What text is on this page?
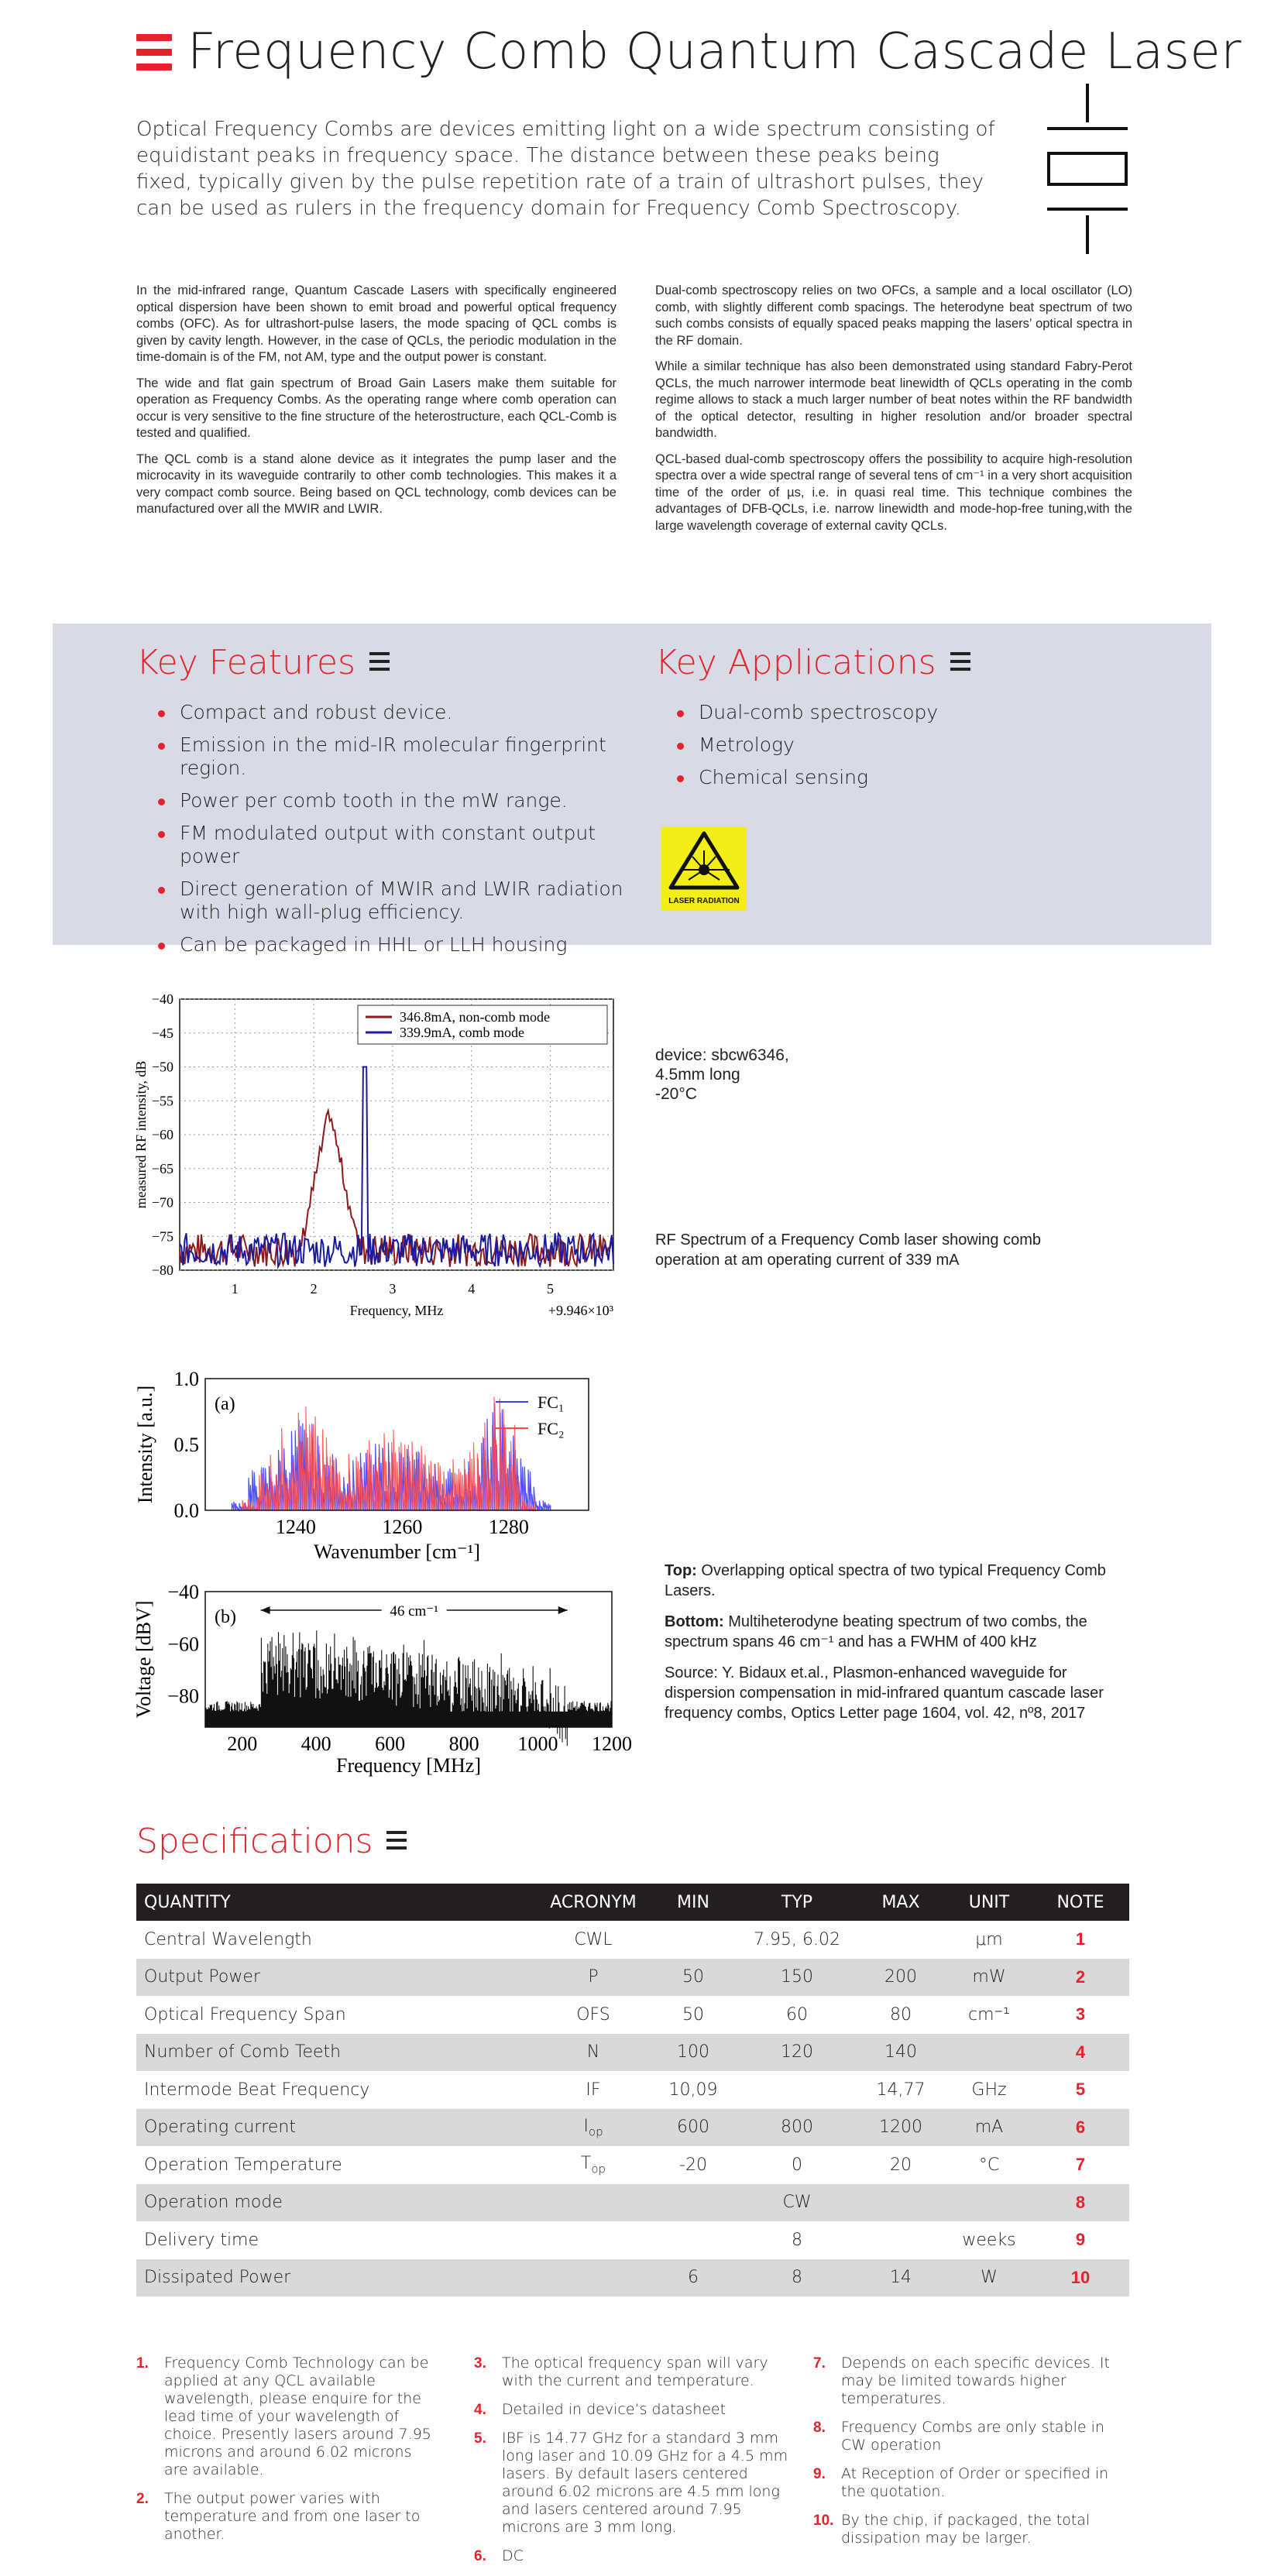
Frequency Comb Quantum Cascade Laser
Optical Frequency Combs are devices emitting light on a wide spectrum consisting of equidistant peaks in frequency space. The distance between these peaks being fixed, typically given by the pulse repetition rate of a train of ultrashort pulses, they can be used as rulers in the frequency domain for Frequency Comb Spectroscopy.

In the mid-infrared range, Quantum Cascade Lasers with specifically engineered optical dispersion have been shown to emit broad and powerful optical frequency combs (OFC). As for ultrashort-pulse lasers, the mode spacing of QCL combs is given by cavity length. However, in the case of QCLs, the periodic modulation in the time-domain is of the FM, not AM, type and the output power is constant.

The wide and flat gain spectrum of Broad Gain Lasers make them suitable for operation as Frequency Combs. As the operating range where comb operation can occur is very sensitive to the fine structure of the heterostructure, each QCL-Comb is tested and qualified.

The QCL comb is a stand alone device as it integrates the pump laser and the microcavity in its waveguide contrarily to other comb technologies. This makes it a very compact comb source. Being based on QCL technology, comb devices can be manufactured over all the MWIR and LWIR.

Dual-comb spectroscopy relies on two OFCs, a sample and a local oscillator (LO) comb, with slightly different comb spacings. The heterodyne beat spectrum of two such combs consists of equally spaced peaks mapping the lasers’ optical spectra in the RF domain.

While a similar technique has also been demonstrated using standard Fabry-Perot QCLs, the much narrower intermode beat linewidth of QCLs operating in the comb regime allows to stack a much larger number of beat notes within the RF bandwidth of the optical detector, resulting in higher resolution and/or broader spectral bandwidth.

QCL-based dual-comb spectroscopy offers the possibility to acquire high-resolution spectra over a wide spectral range of several tens of cm⁻¹ in a very short acquisition time of the order of µs, i.e. in quasi real time. This technique combines the advantages of DFB-QCLs, i.e. narrow linewidth and mode-hop-free tuning,with the large wavelength coverage of external cavity QCLs.

Key Features
Compact and robust device.
Emission in the mid-IR molecular fingerprint region.
Power per comb tooth in the mW range.
FM modulated output with constant output power
Direct generation of MWIR and LWIR radiation with high wall-plug efficiency.
Can be packaged in HHL or LLH housing
Key Applications
Dual-comb spectroscopy
Metrology
Chemical sensing
LASER RADIATION
−40
−45
−50
−55
−60
−65
−70
−75
−80
1	2	3	4	5
Frequency, MHz	+9.946×10³
measured RF intensity, dB
346.8mA, non-comb mode
339.9mA, comb mode
device: sbcw6346,
4.5mm long
-20°C
RF Spectrum of a Frequency Comb laser showing comb operation at am operating current of 339 mA
0.0
0.5
1.0
1240	1260	1280
Wavenumber [cm⁻¹]
Intensity [a.u.]	(a)	FC₁
FC₂
−40
−60
−80
200 400 600 800 1000 1200
Frequency [MHz]
Voltage [dBV]	(b)	46 cm⁻¹

Top: Overlapping optical spectra of two typical Frequency Comb Lasers.

Bottom: Multiheterodyne beating spectrum of two combs, the spectrum spans 46 cm⁻¹ and has a FWHM of 400 kHz

Source: Y. Bidaux et.al., Plasmon-enhanced waveguide for dispersion compensation in mid-infrared quantum cascade laser frequency combs, Optics Letter page 1604, vol. 42, nº8, 2017

Specifications
QUANTITY	ACRONYM	MIN	TYP	MAX	UNIT	NOTE
Central Wavelength	CWL		7.95, 6.02		μm	1
Output Power	P	50	150	200	mW	2
Optical Frequency Span	OFS	50	60	80	cm⁻¹	3
Number of Comb Teeth	N	100	120	140		4
Intermode Beat Frequency	IF	10,09		14,77	GHz	5
Operating current	$I_{op}$	600	800	1200	mA	6
Operation Temperature	$T_{op}$	-20	0	20	°C	7
Operation mode			CW			8
Delivery time			8		weeks	9
Dissipated Power		6	8	14	W	10
1. Frequency Comb Technology can be applied at any QCL available wavelength, please enquire for the lead time of your wavelength of choice. Presently lasers around 7.95 microns and around 6.02 microns are available.
2. The output power varies with temperature and from one laser to another.
3. The optical frequency span will vary with the current and temperature.
4. Detailed in device’s datasheet
5. IBF is 14.77 GHz for a standard 3 mm long laser and 10.09 GHz for a 4.5 mm lasers. By default lasers centered around 6.02 microns are 4.5 mm long and lasers centered around 7.95 microns are 3 mm long.
6. DC
7. Depends on each specific devices. It may be limited towards higher temperatures.
8. Frequency Combs are only stable in CW operation
9. At Reception of Order or specified in the quotation.
10. By the chip, if packaged, the total dissipation may be larger.
